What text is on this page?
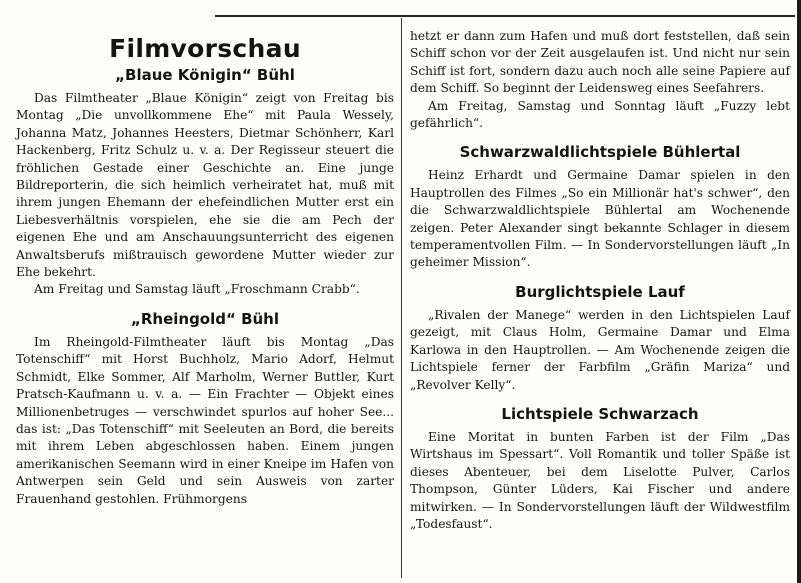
Filmvorschau
„Blaue Königin“ Bühl

Das Filmtheater „Blaue Königin“ zeigt von Freitag bis Montag „Die unvollkommene Ehe“ mit Paula Wessely, Johanna Matz, Johannes Heesters, Dietmar Schönherr, Karl Hackenberg, Fritz Schulz u. v. a. Der Regisseur steuert die fröhlichen Gestade einer Geschichte an. Eine junge Bildreporterin, die sich heimlich verheiratet hat, muß mit ihrem jungen Ehemann der ehefeindlichen Mutter erst ein Liebesverhältnis vorspielen, ehe sie die am Pech der eigenen Ehe und am Anschauungsunterricht des eigenen Anwaltsberufs mißtrauisch gewordene Mutter wieder zur Ehe bekehrt.

Am Freitag und Samstag läuft „Froschmann Crabb“.

„Rheingold“ Bühl

Im Rheingold-Filmtheater läuft bis Montag „Das Totenschiff“ mit Horst Buchholz, Mario Adorf, Helmut Schmidt, Elke Sommer, Alf Marholm, Werner Buttler, Kurt Pratsch-Kaufmann u. v. a. — Ein Frachter — Objekt eines Millionenbetruges — verschwindet spurlos auf hoher See... das ist: „Das Totenschiff“ mit Seeleuten an Bord, die bereits mit ihrem Leben abgeschlossen haben. Einem jungen amerikanischen Seemann wird in einer Kneipe im Hafen von Antwerpen sein Geld und sein Ausweis von zarter Frauenhand gestohlen. Frühmorgens

hetzt er dann zum Hafen und muß dort feststellen, daß sein Schiff schon vor der Zeit ausgelaufen ist. Und nicht nur sein Schiff ist fort, sondern dazu auch noch alle seine Papiere auf dem Schiff. So beginnt der Leidensweg eines Seefahrers.

Am Freitag, Samstag und Sonntag läuft „Fuzzy lebt gefährlich“.

Schwarzwaldlichtspiele Bühlertal

Heinz Erhardt und Germaine Damar spielen in den Hauptrollen des Filmes „So ein Millionär hat's schwer“, den die Schwarzwaldlichtspiele Bühlertal am Wochenende zeigen. Peter Alexander singt bekannte Schlager in diesem temperamentvollen Film. — In Sondervorstellungen läuft „In geheimer Mission“.

Burglichtspiele Lauf

„Rivalen der Manege“ werden in den Lichtspielen Lauf gezeigt, mit Claus Holm, Germaine Damar und Elma Karlowa in den Hauptrollen. — Am Wochenende zeigen die Lichtspiele ferner der Farbfilm „Gräfin Mariza“ und „Revolver Kelly“.

Lichtspiele Schwarzach

Eine Moritat in bunten Farben ist der Film „Das Wirtshaus im Spessart“. Voll Romantik und toller Späße ist dieses Abenteuer, bei dem Liselotte Pulver, Carlos Thompson, Günter Lüders, Kai Fischer und andere mitwirken. — In Sondervorstellungen läuft der Wildwestfilm „Todesfaust“.
